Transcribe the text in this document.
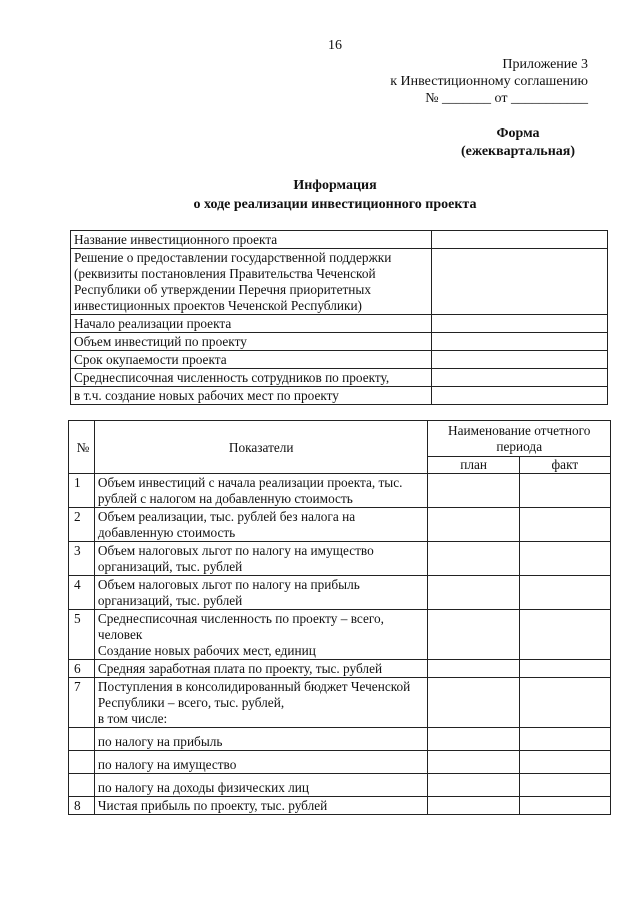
16
Приложение 3
к Инвестиционному соглашению
№ _______ от ___________
Форма
(ежеквартальная)
Информация
о ходе реализации инвестиционного проекта
Название инвестиционного проекта	
Решение о предоставлении государственной поддержки (реквизиты постановления Правительства Чеченской Республики об утверждении Перечня приоритетных инвестиционных проектов Чеченской Республики)	
Начало реализации проекта	
Объем инвестиций по проекту	
Срок окупаемости проекта	
Среднесписочная численность сотрудников по проекту,	
в т.ч. создание новых рабочих мест по проекту	
№	Показатели	Наименование отчетного периода	
		план	факт
1	Объем инвестиций с начала реализации проекта, тыс. рублей с налогом на добавленную стоимость		
2	Объем реализации, тыс. рублей без налога на добавленную стоимость		
3	Объем налоговых льгот по налогу на имущество организаций, тыс. рублей		
4	Объем налоговых льгот по налогу на прибыль организаций, тыс. рублей		
5	Среднесписочная численность по проекту – всего, человек
Создание новых рабочих мест, единиц		

6	Средняя заработная плата по проекту, тыс. рублей		
7	Поступления в консолидированный бюджет Чеченской Республики – всего, тыс. рублей,
в том числе:		

	по налогу на прибыль		
	по налогу на имущество		
	по налогу на доходы физических лиц		
8	Чистая прибыль по проекту, тыс. рублей		
